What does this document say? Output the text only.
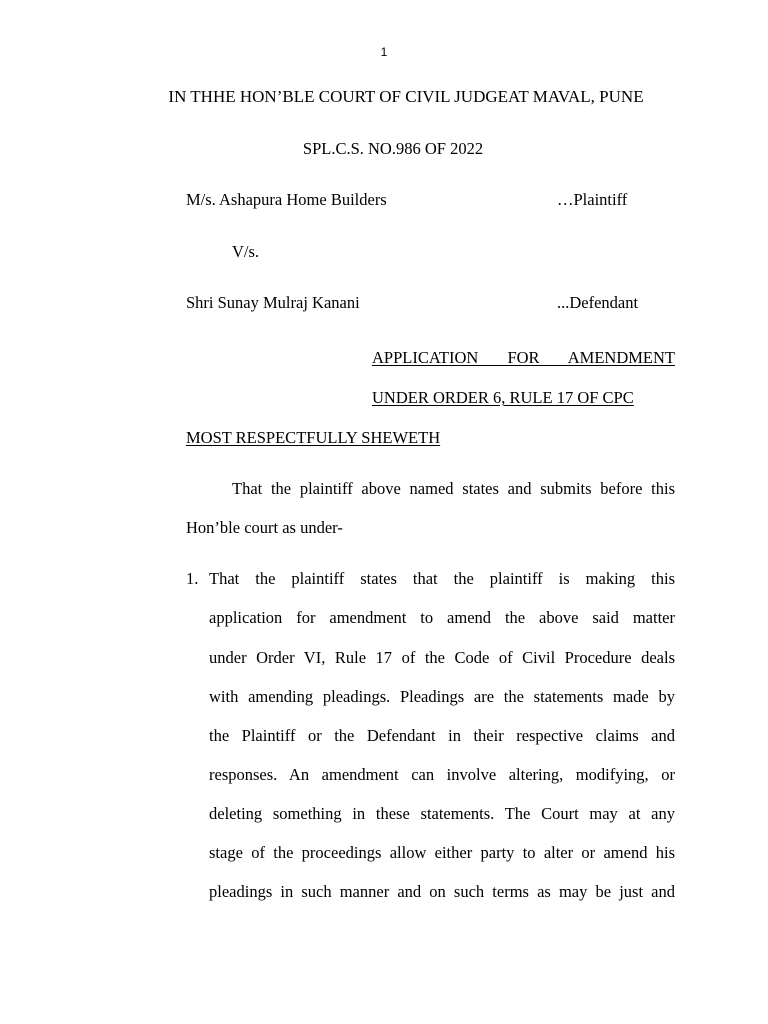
1
IN THHE HON’BLE COURT OF CIVIL JUDGEAT MAVAL, PUNE
SPL.C.S. NO.986 OF 2022
M/s. Ashapura Home Builders	…Plaintiff
V/s.
Shri Sunay Mulraj Kanani	...Defendant
APPLICATION FOR AMENDMENT
UNDER ORDER 6, RULE 17 OF CPC
MOST RESPECTFULLY SHEWETH
That the plaintiff above named states and submits before this
Hon’ble court as under-
1. That the plaintiff states that the plaintiff is making this
application for amendment to amend the above said matter
under Order VI, Rule 17 of the Code of Civil Procedure deals
with amending pleadings. Pleadings are the statements made by
the Plaintiff or the Defendant in their respective claims and
responses. An amendment can involve altering, modifying, or
deleting something in these statements. The Court may at any
stage of the proceedings allow either party to alter or amend his
pleadings in such manner and on such terms as may be just and
